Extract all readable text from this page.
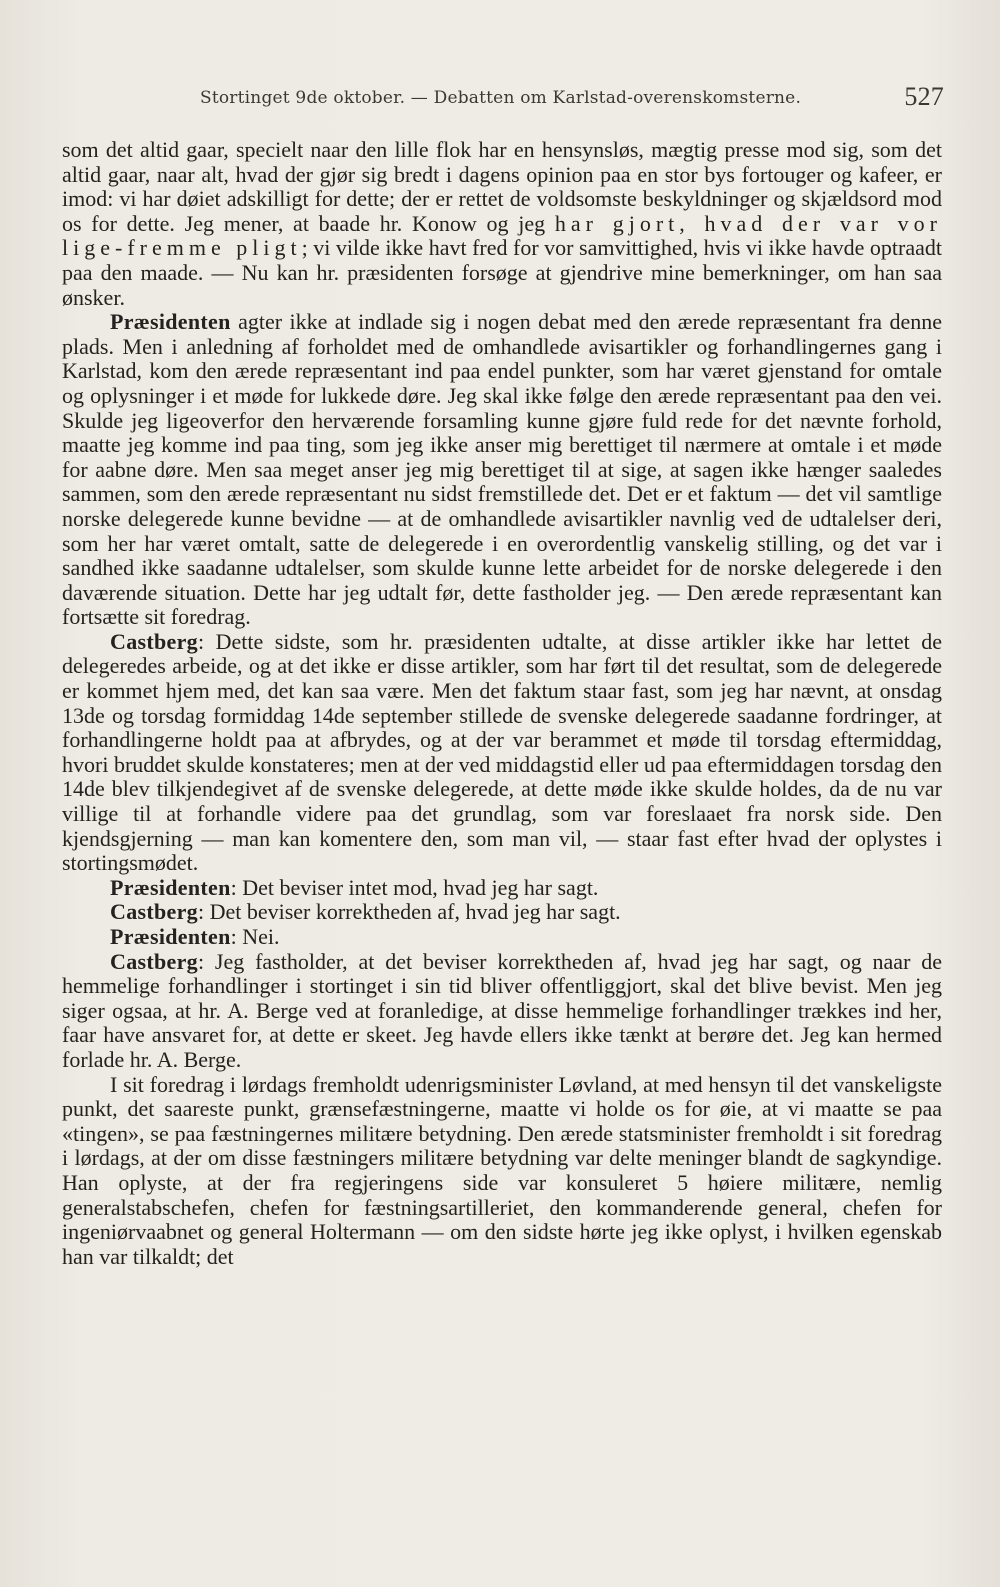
Stortinget 9de oktober. — Debatten om Karlstad-overenskomsterne.	527

som det altid gaar, specielt naar den lille flok har en hensynsløs, mægtig presse mod sig, som det altid gaar, naar alt, hvad der gjør sig bredt i dagens opinion paa en stor bys fortouger og kafeer, er imod: vi har døiet adskilligt for dette; der er rettet de voldsomste beskyldninger og skjældsord mod os for dette. Jeg mener, at baade hr. Konow og jeg har gjort, hvad der var vor lige-fremme pligt; vi vilde ikke havt fred for vor samvittighed, hvis vi ikke havde optraadt paa den maade. — Nu kan hr. præsidenten forsøge at gjendrive mine bemerkninger, om han saa ønsker.

Præsidenten agter ikke at indlade sig i nogen debat med den ærede repræsentant fra denne plads. Men i anledning af forholdet med de omhandlede avisartikler og forhandlingernes gang i Karlstad, kom den ærede repræsentant ind paa endel punkter, som har været gjenstand for omtale og oplysninger i et møde for lukkede døre. Jeg skal ikke følge den ærede repræsentant paa den vei. Skulde jeg ligeoverfor den herværende forsamling kunne gjøre fuld rede for det nævnte forhold, maatte jeg komme ind paa ting, som jeg ikke anser mig berettiget til nærmere at omtale i et møde for aabne døre. Men saa meget anser jeg mig berettiget til at sige, at sagen ikke hænger saaledes sammen, som den ærede repræsentant nu sidst fremstillede det. Det er et faktum — det vil samtlige norske delegerede kunne bevidne — at de omhandlede avisartikler navnlig ved de udtalelser deri, som her har været omtalt, satte de delegerede i en overordentlig vanskelig stilling, og det var i sandhed ikke saadanne udtalelser, som skulde kunne lette arbeidet for de norske delegerede i den daværende situation. Dette har jeg udtalt før, dette fastholder jeg. — Den ærede repræsentant kan fortsætte sit foredrag.

Castberg: Dette sidste, som hr. præsidenten udtalte, at disse artikler ikke har lettet de delegeredes arbeide, og at det ikke er disse artikler, som har ført til det resultat, som de delegerede er kommet hjem med, det kan saa være. Men det faktum staar fast, som jeg har nævnt, at onsdag 13de og torsdag formiddag 14de september stillede de svenske delegerede saadanne fordringer, at forhandlingerne holdt paa at afbrydes, og at der var berammet et møde til torsdag eftermiddag, hvori bruddet skulde konstateres; men at der ved middagstid eller ud paa eftermiddagen torsdag den 14de blev tilkjendegivet af de svenske delegerede, at dette møde ikke skulde holdes, da de nu var villige til at forhandle videre paa det grundlag, som var foreslaaet fra norsk side. Den kjendsgjerning — man kan komentere den, som man vil, — staar fast efter hvad der oplystes i stortingsmødet.

Præsidenten: Det beviser intet mod, hvad jeg har sagt.

Castberg: Det beviser korrektheden af, hvad jeg har sagt.

Præsidenten: Nei.

Castberg: Jeg fastholder, at det beviser korrektheden af, hvad jeg har sagt, og naar de hemmelige forhandlinger i stortinget i sin tid bliver offentliggjort, skal det blive bevist. Men jeg siger ogsaa, at hr. A. Berge ved at foranledige, at disse hemmelige forhandlinger trækkes ind her, faar have ansvaret for, at dette er skeet. Jeg havde ellers ikke tænkt at berøre det. Jeg kan hermed forlade hr. A. Berge.

I sit foredrag i lørdags fremholdt udenrigsminister Løvland, at med hensyn til det vanskeligste punkt, det saareste punkt, grænsefæstningerne, maatte vi holde os for øie, at vi maatte se paa «tingen», se paa fæstningernes militære betydning. Den ærede statsminister fremholdt i sit foredrag i lørdags, at der om disse fæstningers militære betydning var delte meninger blandt de sagkyndige. Han oplyste, at der fra regjeringens side var konsuleret 5 høiere militære, nemlig generalstabschefen, chefen for fæstningsartilleriet, den kommanderende general, chefen for ingeniørvaabnet og general Holtermann — om den sidste hørte jeg ikke oplyst, i hvilken egenskab han var tilkaldt; det
